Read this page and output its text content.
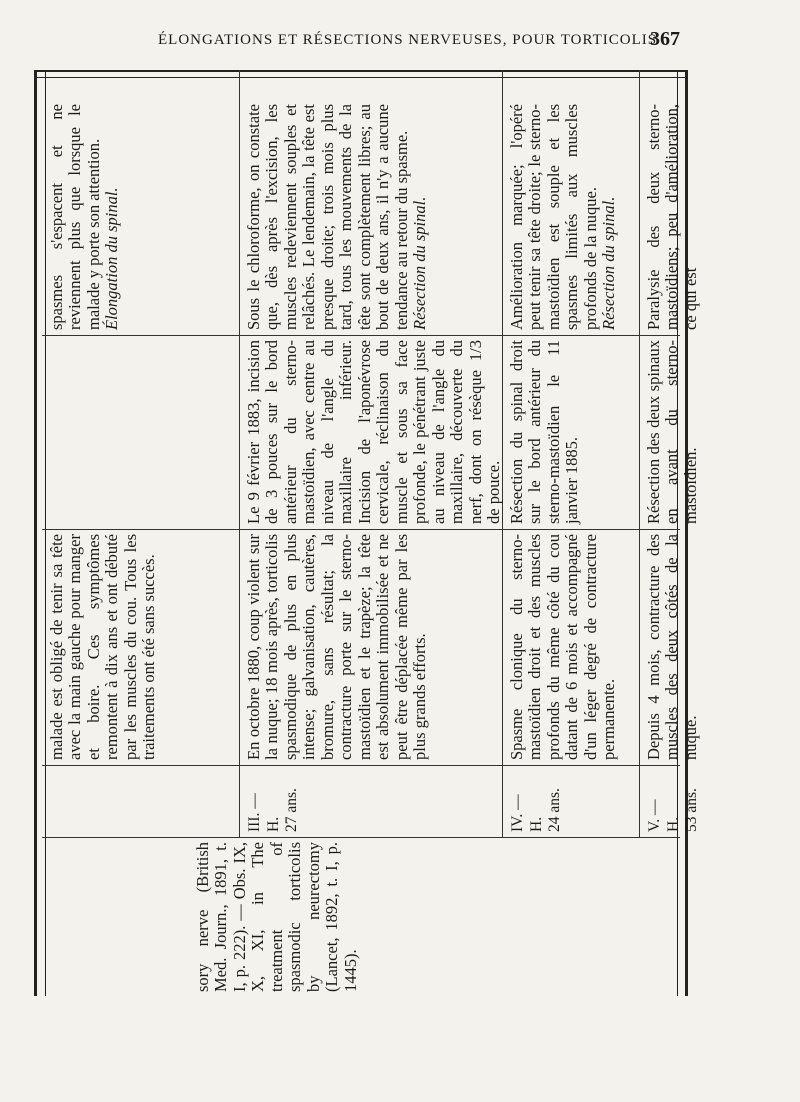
ÉLONGATIONS ET RÉSECTIONS NERVEUSES, POUR TORTICOLIS
367

sory nerve (British Med. Journ., 1891, t. I, p. 222). — Obs. IX, X, XI, in The treatment of spasmodic torticolis by neurectomy (Lancet, 1892, t. I, p. 1445).

malade est obligé de tenir sa tête avec la main gauche pour manger et boire. Ces symptômes remontent à dix ans et ont débuté par les muscles du cou. Tous les traitements ont été sans succès.

spasmes s'espacent et ne reviennent plus que lorsque le malade y porte son attention. Élongation du spinal.

III. — H. 27 ans.

En octobre 1880, coup violent sur la nuque; 18 mois après, torticolis spasmodique de plus en plus intense; galvanisation, cautères, bromure, sans résultat; la contracture porte sur le sterno-mastoïdien et le trapèze; la tête est absolument immobilisée et ne peut être déplacée même par les plus grands efforts.

Le 9 février 1883, incision de 3 pouces sur le bord antérieur du sterno-mastoïdien, avec centre au niveau de l'angle du maxillaire inférieur. Incision de l'aponévrose cervicale, réclinaison du muscle et sous sa face profonde, le pénétrant juste au niveau de l'angle du maxillaire, découverte du nerf, dont on résèque 1/3 de pouce.

Sous le chloroforme, on constate que, dès après l'excision, les muscles redeviennent souples et relâchés. Le lendemain, la tête est presque droite; trois mois plus tard, tous les mouvements de la tête sont complètement libres; au bout de deux ans, il n'y a aucune tendance au retour du spasme. Résection du spinal.

IV. — H. 24 ans.

Spasme clonique du sterno-mastoïdien droit et des muscles profonds du même côté du cou datant de 6 mois et accompagné d'un léger degré de contracture permanente.

Résection du spinal droit sur le bord antérieur du sterno-mastoïdien le 11 janvier 1885.

Amélioration marquée; l'opéré peut tenir sa tête droite; le sterno-mastoïdien est souple et les spasmes limités aux muscles profonds de la nuque. Résection du spinal.

V. — H. 53 ans.

Depuis 4 mois, contracture des muscles des deux côtés de la nuque.

Résection des deux spinaux en avant du sterno-mastoïdien.

Paralysie des deux sterno-mastoïdiens; peu d'amélioration, ce qui est
